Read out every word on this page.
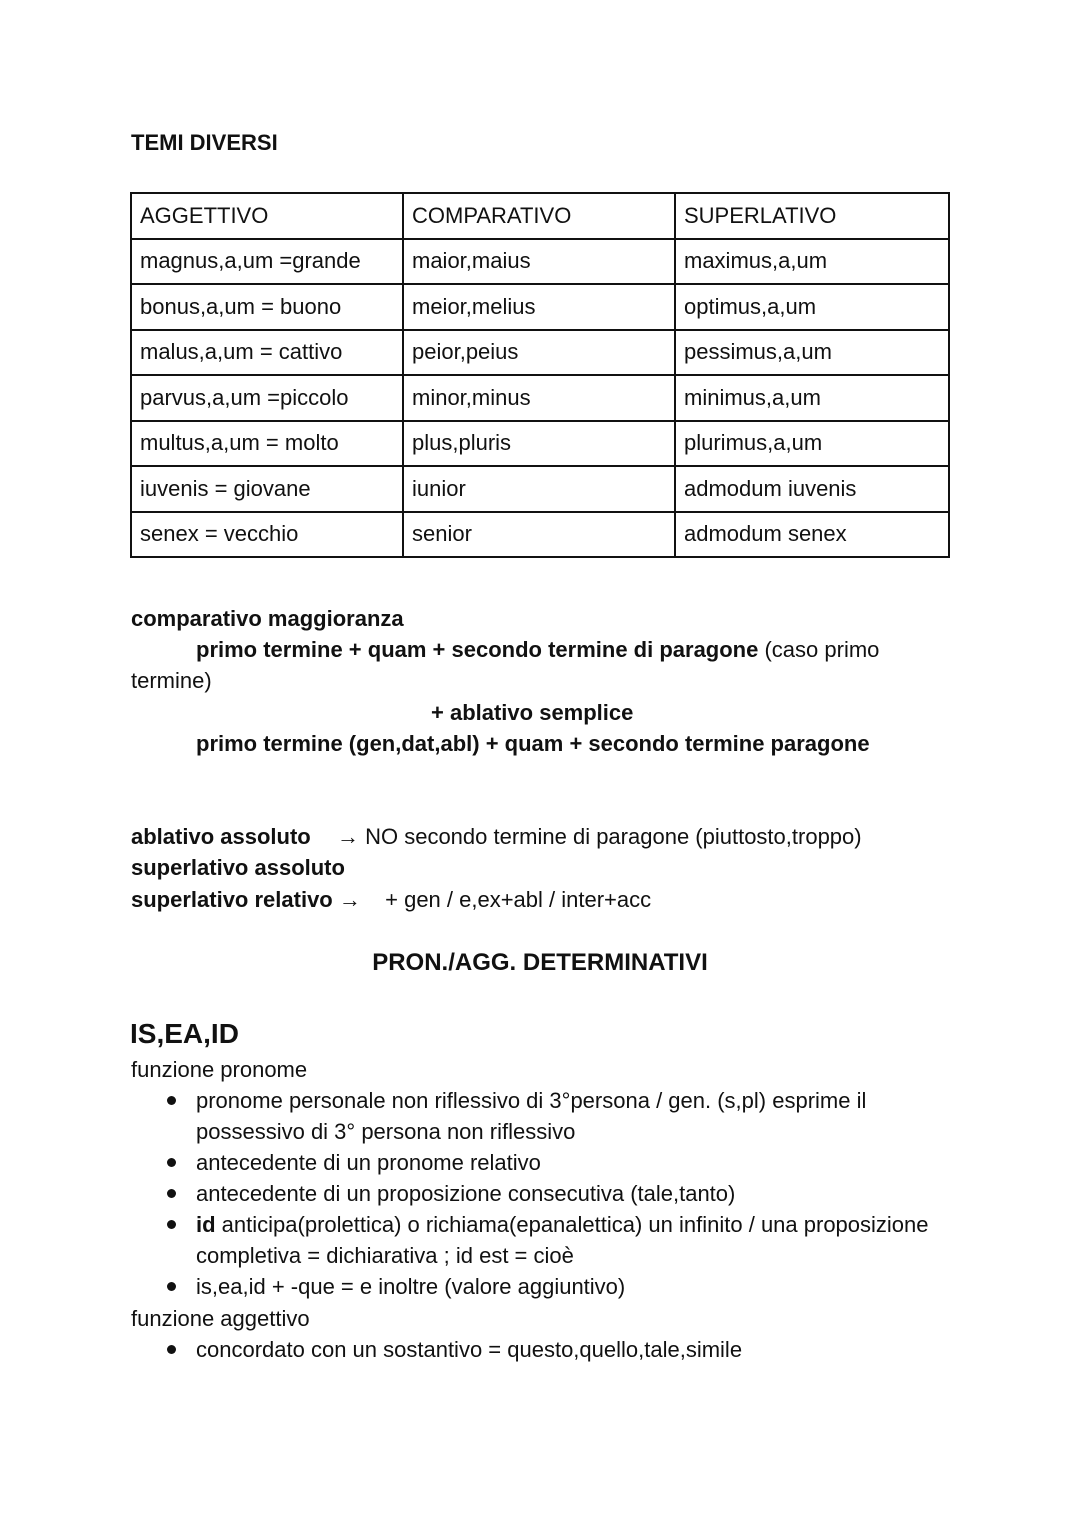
TEMI DIVERSI
AGGETTIVO	COMPARATIVO	SUPERLATIVO
magnus,a,um =grande	maior,maius	maximus,a,um
bonus,a,um = buono	meior,melius	optimus,a,um
malus,a,um = cattivo	peior,peius	pessimus,a,um
parvus,a,um =piccolo	minor,minus	minimus,a,um
multus,a,um = molto	plus,pluris	plurimus,a,um
iuvenis = giovane	iunior	admodum iuvenis
senex = vecchio	senior	admodum senex
comparativo maggioranza
primo termine + quam + secondo termine di paragone (caso primo
termine)
+ ablativo semplice
primo termine (gen,dat,abl) + quam + secondo termine paragone
ablativo assoluto → NO secondo termine di paragone (piuttosto,troppo)
superlativo assoluto
superlativo relativo → + gen / e,ex+abl / inter+acc
PRON./AGG. DETERMINATIVI
IS,EA,ID
funzione pronome
pronome personale non riflessivo di 3°persona / gen. (s,pl) esprime il possessivo di 3° persona non riflessivo
antecedente di un pronome relativo
antecedente di un proposizione consecutiva (tale,tanto)
id anticipa(prolettica) o richiama(epanalettica) un infinito / una proposizione completiva = dichiarativa ; id est = cioè
is,ea,id + -que = e inoltre (valore aggiuntivo)
funzione aggettivo
concordato con un sostantivo = questo,quello,tale,simile
